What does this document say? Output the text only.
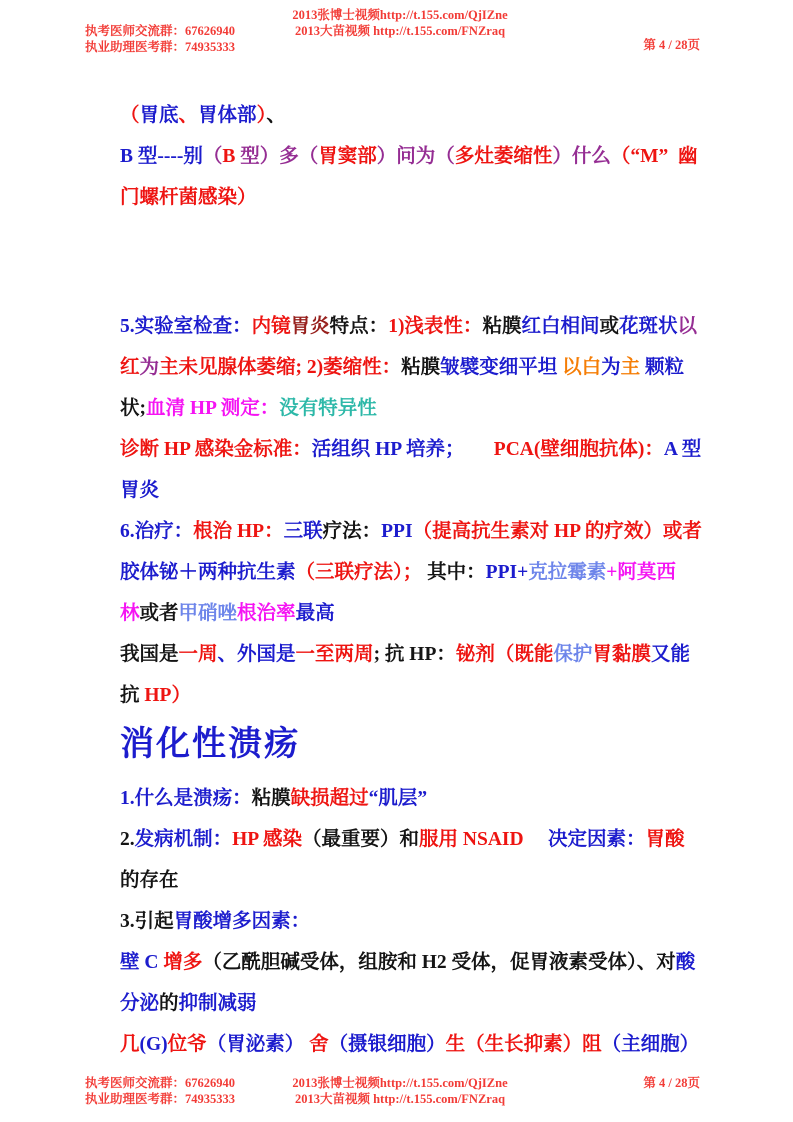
执考医师交流群：67626940
执业助理医考群：74935333
2013张博士视频http://t.155.com/QjIZne
2013大苗视频 http://t.155.com/FNZraq
第 4 / 28页
（胃底、胃体部）、
B 型----别（B 型）多（胃窦部）问为（多灶萎缩性）什么（“M”  幽
门螺杆菌感染）
5.实验室检查：内镜胃炎特点：1)浅表性：粘膜红白相间或花斑状以
红为主未见腺体萎缩; 2)萎缩性：粘膜皱襞变细平坦 以白为主 颗粒
状;血清 HP 测定：没有特异性
诊断 HP 感染金标准：活组织 HP 培养； PCA(壁细胞抗体)：A 型
胃炎
6.治疗：根治 HP：三联疗法：PPI（提高抗生素对 HP 的疗效）或者
胶体铋＋两种抗生素（三联疗法）； 其中：PPI+克拉霉素+阿莫西
林或者甲硝唑根治率最高
我国是一周、外国是一至两周; 抗 HP：铋剂（既能保护胃黏膜又能
抗 HP）
消化性溃疡
1.什么是溃疡：粘膜缺损超过“肌层”
2.发病机制：HP 感染（最重要）和服用 NSAID 决定因素：胃酸
的存在
3.引起胃酸增多因素：
壁 C 增多（乙酰胆碱受体，组胺和 H2 受体，促胃液素受体）、对酸
分泌的抑制减弱
几(G)位爷（胃泌素） 舍（摄银细胞）生（生长抑素）阻（主细胞）
执考医师交流群：67626940
执业助理医考群：74935333
2013张博士视频http://t.155.com/QjIZne
2013大苗视频 http://t.155.com/FNZraq
第 4 / 28页
